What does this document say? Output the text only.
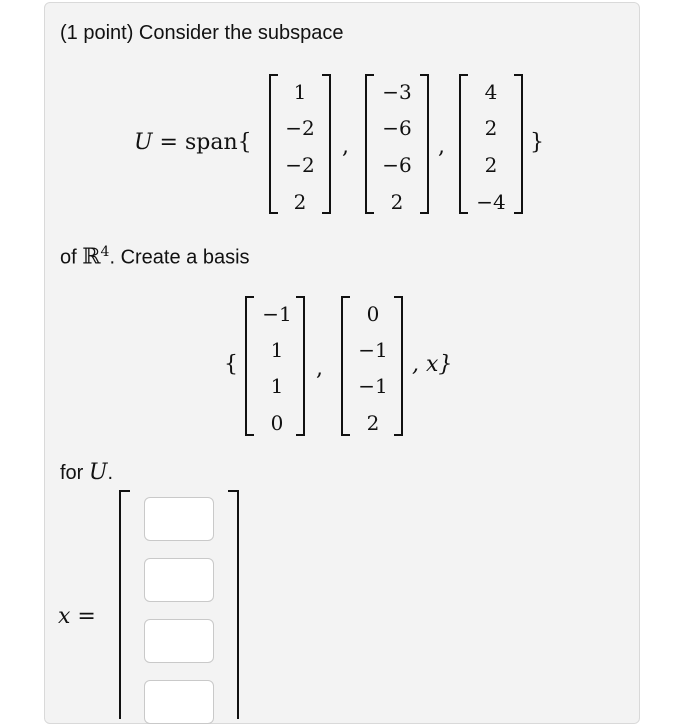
(1 point) Consider the subspace
U = span{
1
−2
−2
2
,
−3
−6
−6
2
,
4
2
2
−4
}
of ℝ$^4$. Create a basis
{
−1
1
1
0
,
0
−1
−1
2
, x}
for U.
x =
